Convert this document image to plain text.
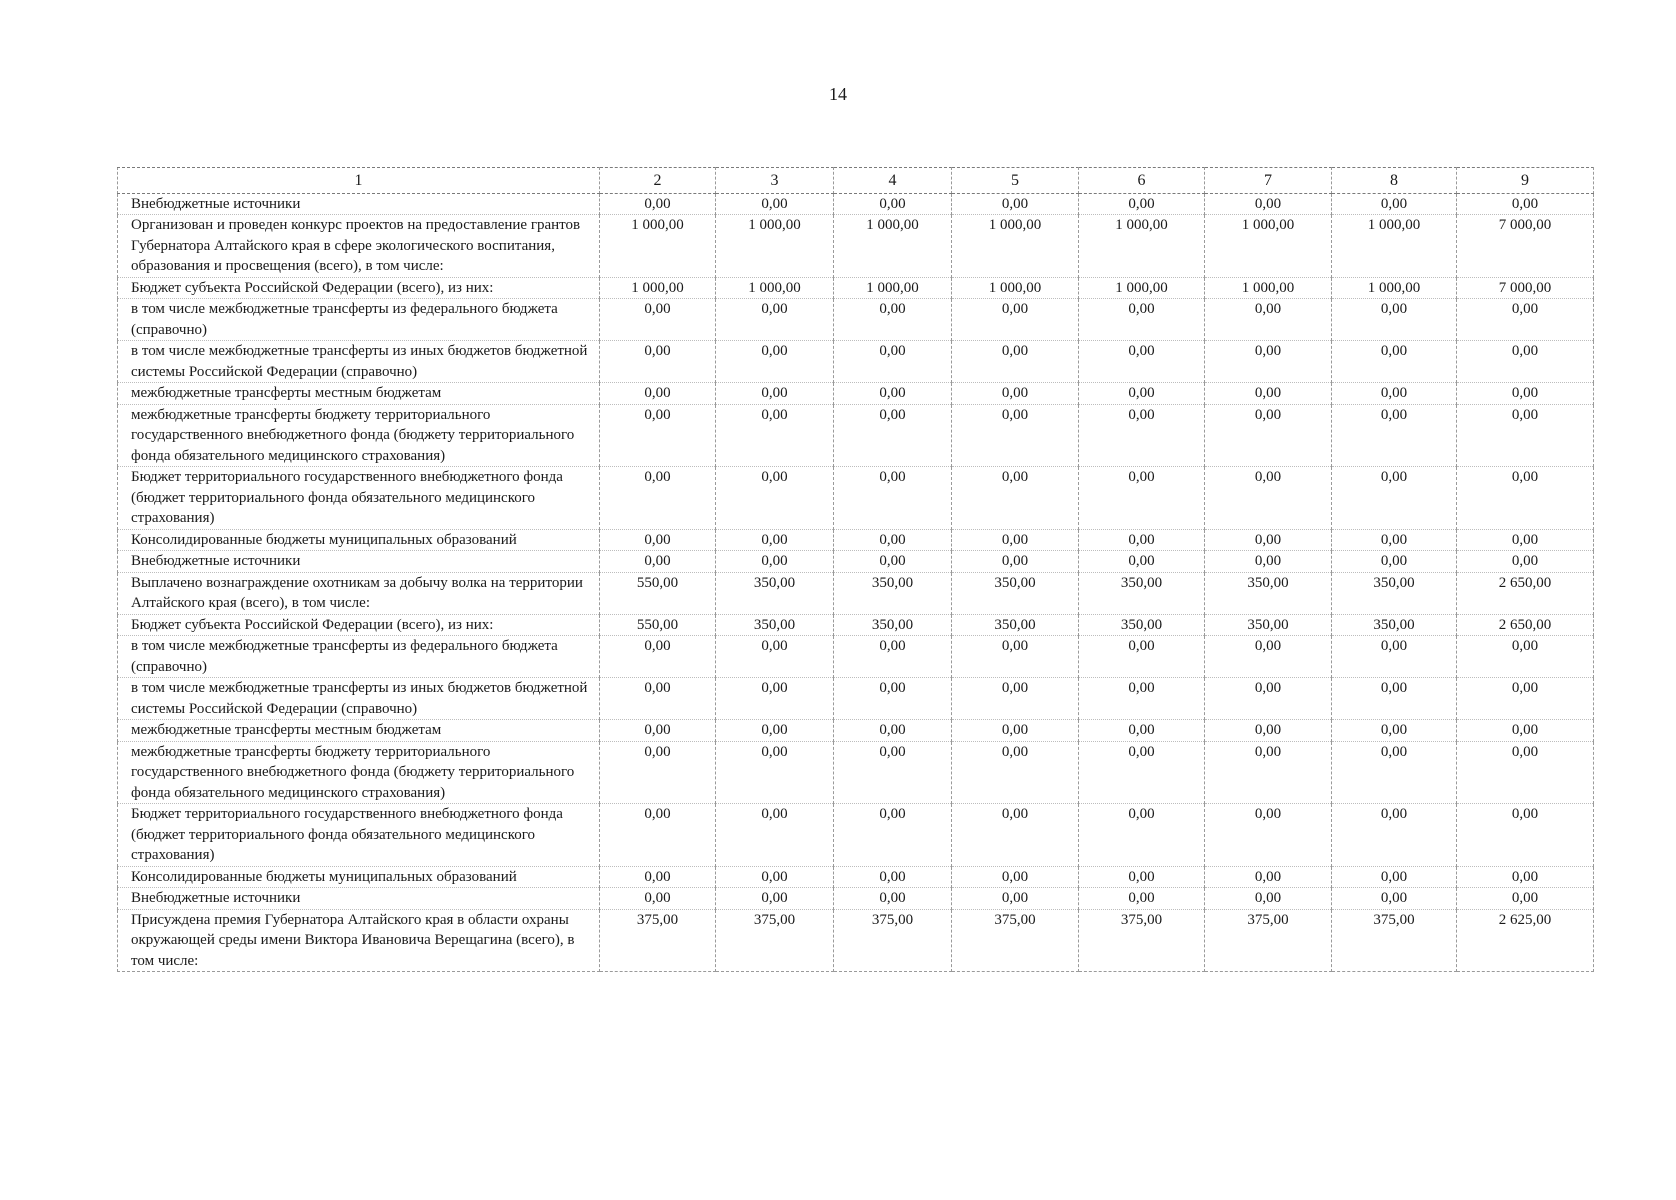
14
1	2	3	4	5	6	7	8	9
Внебюджетные источники	0,00	0,00	0,00	0,00	0,00	0,00	0,00	0,00
Организован и проведен конкурс проектов на предоставление грантов Губернатора Алтайского края в сфере экологического воспитания, образования и просвещения (всего), в том числе:	1 000,00	1 000,00	1 000,00	1 000,00	1 000,00	1 000,00	1 000,00	7 000,00
Бюджет субъекта Российской Федерации (всего), из них:	1 000,00	1 000,00	1 000,00	1 000,00	1 000,00	1 000,00	1 000,00	7 000,00
в том числе межбюджетные трансферты из федерального бюджета (справочно)	0,00	0,00	0,00	0,00	0,00	0,00	0,00	0,00
в том числе межбюджетные трансферты из иных бюджетов бюджетной системы Российской Федерации (справочно)	0,00	0,00	0,00	0,00	0,00	0,00	0,00	0,00
межбюджетные трансферты местным бюджетам	0,00	0,00	0,00	0,00	0,00	0,00	0,00	0,00
межбюджетные трансферты бюджету территориального государственного внебюджетного фонда (бюджету территориального фонда обязательного медицинского страхования)	0,00	0,00	0,00	0,00	0,00	0,00	0,00	0,00
Бюджет территориального государственного внебюджетного фонда (бюджет территориального фонда обязательного медицинского страхования)	0,00	0,00	0,00	0,00	0,00	0,00	0,00	0,00
Консолидированные бюджеты муниципальных образований	0,00	0,00	0,00	0,00	0,00	0,00	0,00	0,00
Внебюджетные источники	0,00	0,00	0,00	0,00	0,00	0,00	0,00	0,00
Выплачено вознаграждение охотникам за добычу волка на территории Алтайского края (всего), в том числе:	550,00	350,00	350,00	350,00	350,00	350,00	350,00	2 650,00
Бюджет субъекта Российской Федерации (всего), из них:	550,00	350,00	350,00	350,00	350,00	350,00	350,00	2 650,00
в том числе межбюджетные трансферты из федерального бюджета (справочно)	0,00	0,00	0,00	0,00	0,00	0,00	0,00	0,00
в том числе межбюджетные трансферты из иных бюджетов бюджетной системы Российской Федерации (справочно)	0,00	0,00	0,00	0,00	0,00	0,00	0,00	0,00
межбюджетные трансферты местным бюджетам	0,00	0,00	0,00	0,00	0,00	0,00	0,00	0,00
межбюджетные трансферты бюджету территориального государственного внебюджетного фонда (бюджету территориального фонда обязательного медицинского страхования)	0,00	0,00	0,00	0,00	0,00	0,00	0,00	0,00
Бюджет территориального государственного внебюджетного фонда (бюджет территориального фонда обязательного медицинского страхования)	0,00	0,00	0,00	0,00	0,00	0,00	0,00	0,00
Консолидированные бюджеты муниципальных образований	0,00	0,00	0,00	0,00	0,00	0,00	0,00	0,00
Внебюджетные источники	0,00	0,00	0,00	0,00	0,00	0,00	0,00	0,00
Присуждена премия Губернатора Алтайского края в области охраны окружающей среды имени Виктора Ивановича Верещагина (всего), в том числе:	375,00	375,00	375,00	375,00	375,00	375,00	375,00	2 625,00
